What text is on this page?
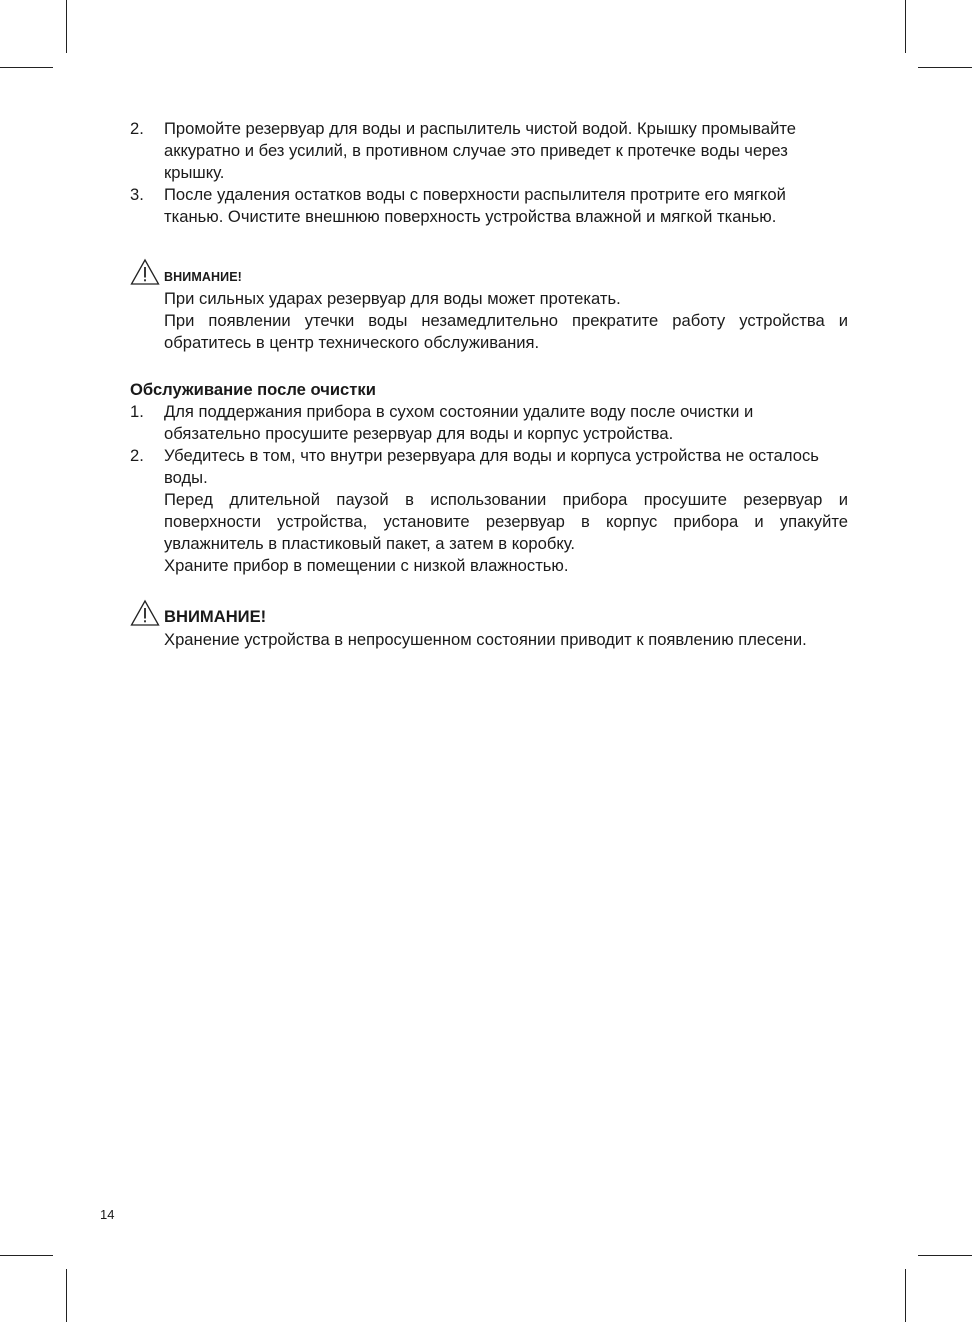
2. Промойте резервуар для воды и распылитель чистой водой. Крышку промывайте аккуратно и без усилий, в противном случае это приведет к протечке воды через крышку.
3. После удаления остатков воды с поверхности распылителя протрите его мягкой тканью. Очистите внешнюю поверхность устройства влажной и мягкой тканью.
ВНИМАНИЕ!
При сильных ударах резервуар для воды может протекать.
При появлении утечки воды незамедлительно прекратите работу устройства и обратитесь в центр технического обслуживания.
Обслуживание после очистки
1. Для поддержания прибора в сухом состоянии удалите воду после очистки и обязательно просушите резервуар для воды и корпус устройства.
2. Убедитесь в том, что внутри резервуара для воды и корпуса устройства не осталось воды.
Перед длительной паузой в использовании прибора просушите резервуар и поверхности устройства, установите резервуар в корпус прибора и упакуйте увлажнитель в пластиковый пакет, а затем в коробку.
Храните прибор в помещении с низкой влажностью.
ВНИМАНИЕ!
Хранение устройства в непросушенном состоянии приводит к появлению плесени.
14
